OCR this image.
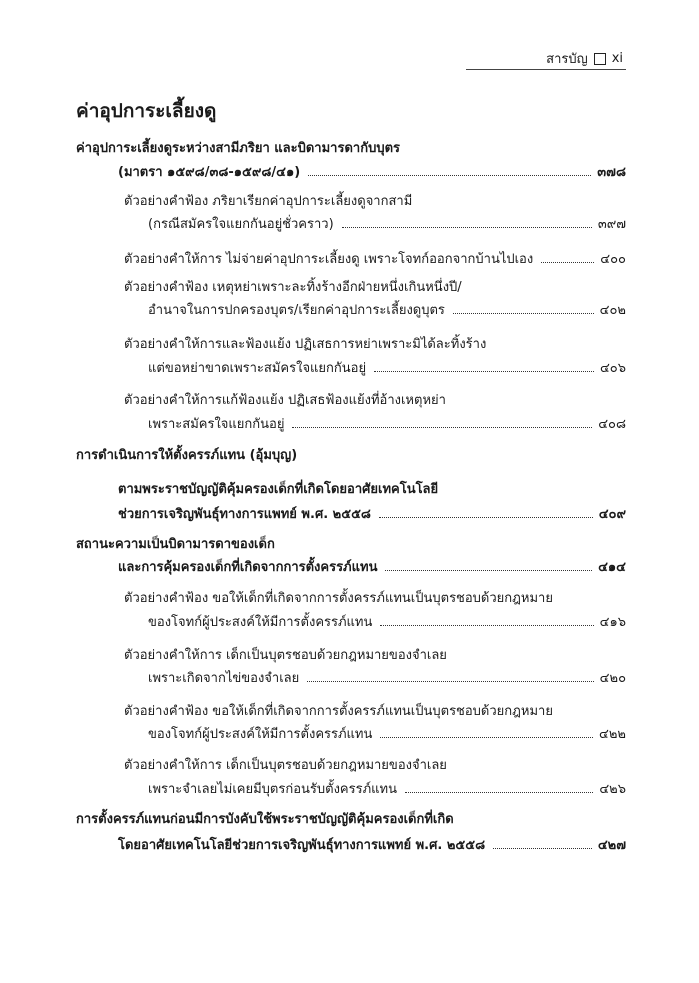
สารบัญ xi
ค่าอุปการะเลี้ยงดู
ค่าอุปการะเลี้ยงดูระหว่างสามีภริยา และบิดามารดากับบุตร
(มาตรา ๑๕๙๘/๓๘-๑๕๙๘/๔๑)	๓๗๘
ตัวอย่างคำฟ้อง ภริยาเรียกค่าอุปการะเลี้ยงดูจากสามี
(กรณีสมัครใจแยกกันอยู่ชั่วคราว)	๓๙๗
ตัวอย่างคำให้การ ไม่จ่ายค่าอุปการะเลี้ยงดู เพราะโจทก์ออกจากบ้านไปเอง	๔๐๐
ตัวอย่างคำฟ้อง เหตุหย่าเพราะละทิ้งร้างอีกฝ่ายหนึ่งเกินหนึ่งปี/
อำนาจในการปกครองบุตร/เรียกค่าอุปการะเลี้ยงดูบุตร	๔๐๒
ตัวอย่างคำให้การและฟ้องแย้ง ปฏิเสธการหย่าเพราะมิได้ละทิ้งร้าง
แต่ขอหย่าขาดเพราะสมัครใจแยกกันอยู่	๔๐๖
ตัวอย่างคำให้การแก้ฟ้องแย้ง ปฏิเสธฟ้องแย้งที่อ้างเหตุหย่า
เพราะสมัครใจแยกกันอยู่	๔๐๘
การดำเนินการให้ตั้งครรภ์แทน (อุ้มบุญ)
ตามพระราชบัญญัติคุ้มครองเด็กที่เกิดโดยอาศัยเทคโนโลยี
ช่วยการเจริญพันธุ์ทางการแพทย์ พ.ศ. ๒๕๕๘	๔๐๙
สถานะความเป็นบิดามารดาของเด็ก
และการคุ้มครองเด็กที่เกิดจากการตั้งครรภ์แทน	๔๑๔
ตัวอย่างคำฟ้อง ขอให้เด็กที่เกิดจากการตั้งครรภ์แทนเป็นบุตรชอบด้วยกฎหมาย
ของโจทก์ผู้ประสงค์ให้มีการตั้งครรภ์แทน	๔๑๖
ตัวอย่างคำให้การ เด็กเป็นบุตรชอบด้วยกฎหมายของจำเลย
เพราะเกิดจากไข่ของจำเลย	๔๒๐
ตัวอย่างคำฟ้อง ขอให้เด็กที่เกิดจากการตั้งครรภ์แทนเป็นบุตรชอบด้วยกฎหมาย
ของโจทก์ผู้ประสงค์ให้มีการตั้งครรภ์แทน	๔๒๒
ตัวอย่างคำให้การ เด็กเป็นบุตรชอบด้วยกฎหมายของจำเลย
เพราะจำเลยไม่เคยมีบุตรก่อนรับตั้งครรภ์แทน	๔๒๖
การตั้งครรภ์แทนก่อนมีการบังคับใช้พระราชบัญญัติคุ้มครองเด็กที่เกิด
โดยอาศัยเทคโนโลยีช่วยการเจริญพันธุ์ทางการแพทย์ พ.ศ. ๒๕๕๘	๔๒๗
